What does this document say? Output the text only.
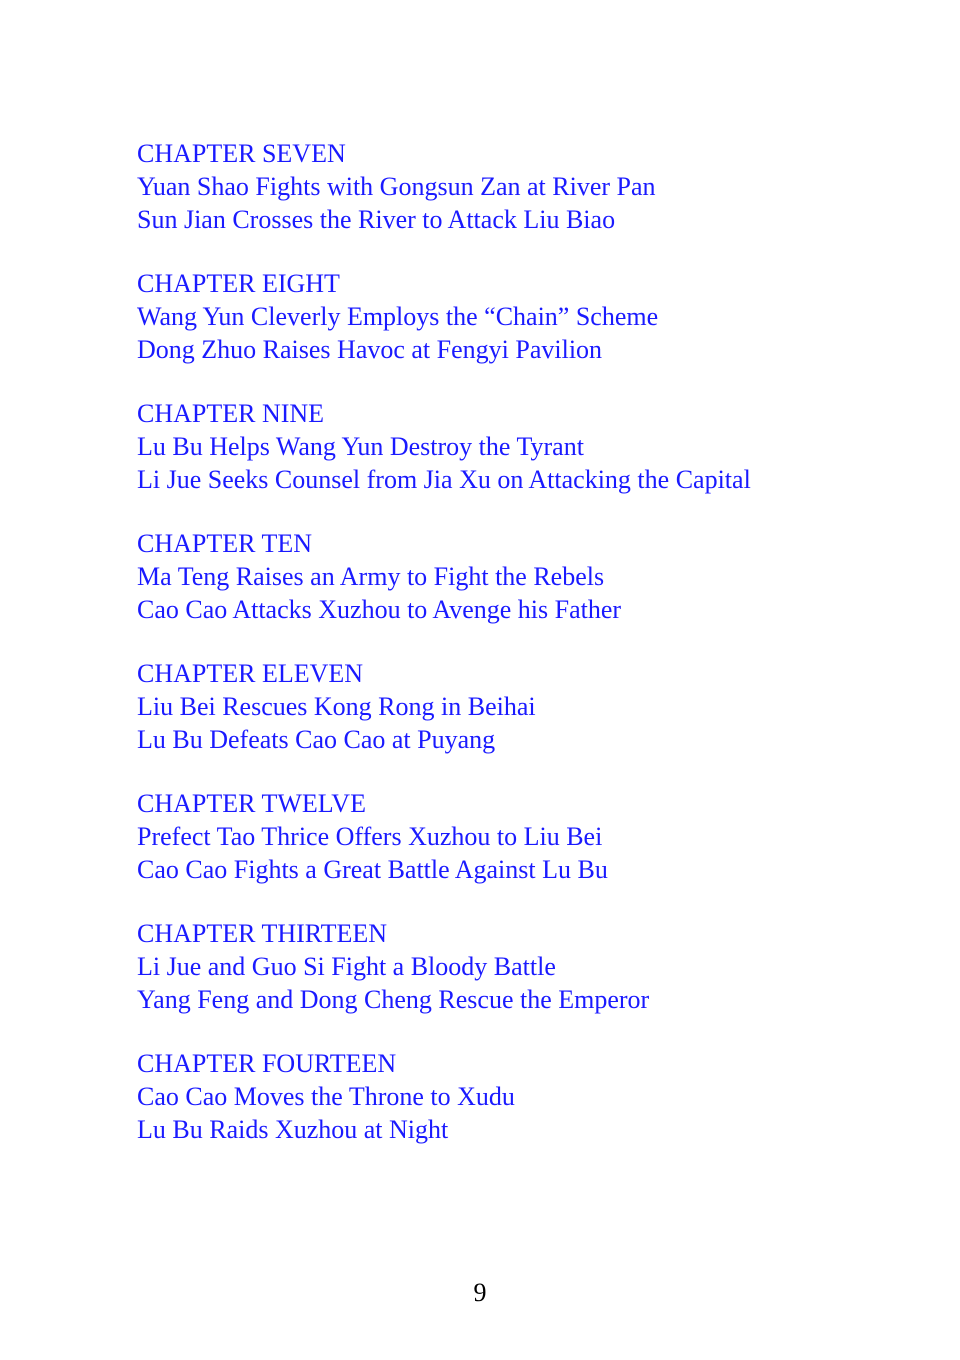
CHAPTER SEVEN
Yuan Shao Fights with Gongsun Zan at River Pan
Sun Jian Crosses the River to Attack Liu Biao
CHAPTER EIGHT
Wang Yun Cleverly Employs the “Chain” Scheme
Dong Zhuo Raises Havoc at Fengyi Pavilion
CHAPTER NINE
Lu Bu Helps Wang Yun Destroy the Tyrant
Li Jue Seeks Counsel from Jia Xu on Attacking the Capital
CHAPTER TEN
Ma Teng Raises an Army to Fight the Rebels
Cao Cao Attacks Xuzhou to Avenge his Father
CHAPTER ELEVEN
Liu Bei Rescues Kong Rong in Beihai
Lu Bu Defeats Cao Cao at Puyang
CHAPTER TWELVE
Prefect Tao Thrice Offers Xuzhou to Liu Bei
Cao Cao Fights a Great Battle Against Lu Bu
CHAPTER THIRTEEN
Li Jue and Guo Si Fight a Bloody Battle
Yang Feng and Dong Cheng Rescue the Emperor
CHAPTER FOURTEEN
Cao Cao Moves the Throne to Xudu
Lu Bu Raids Xuzhou at Night
9
